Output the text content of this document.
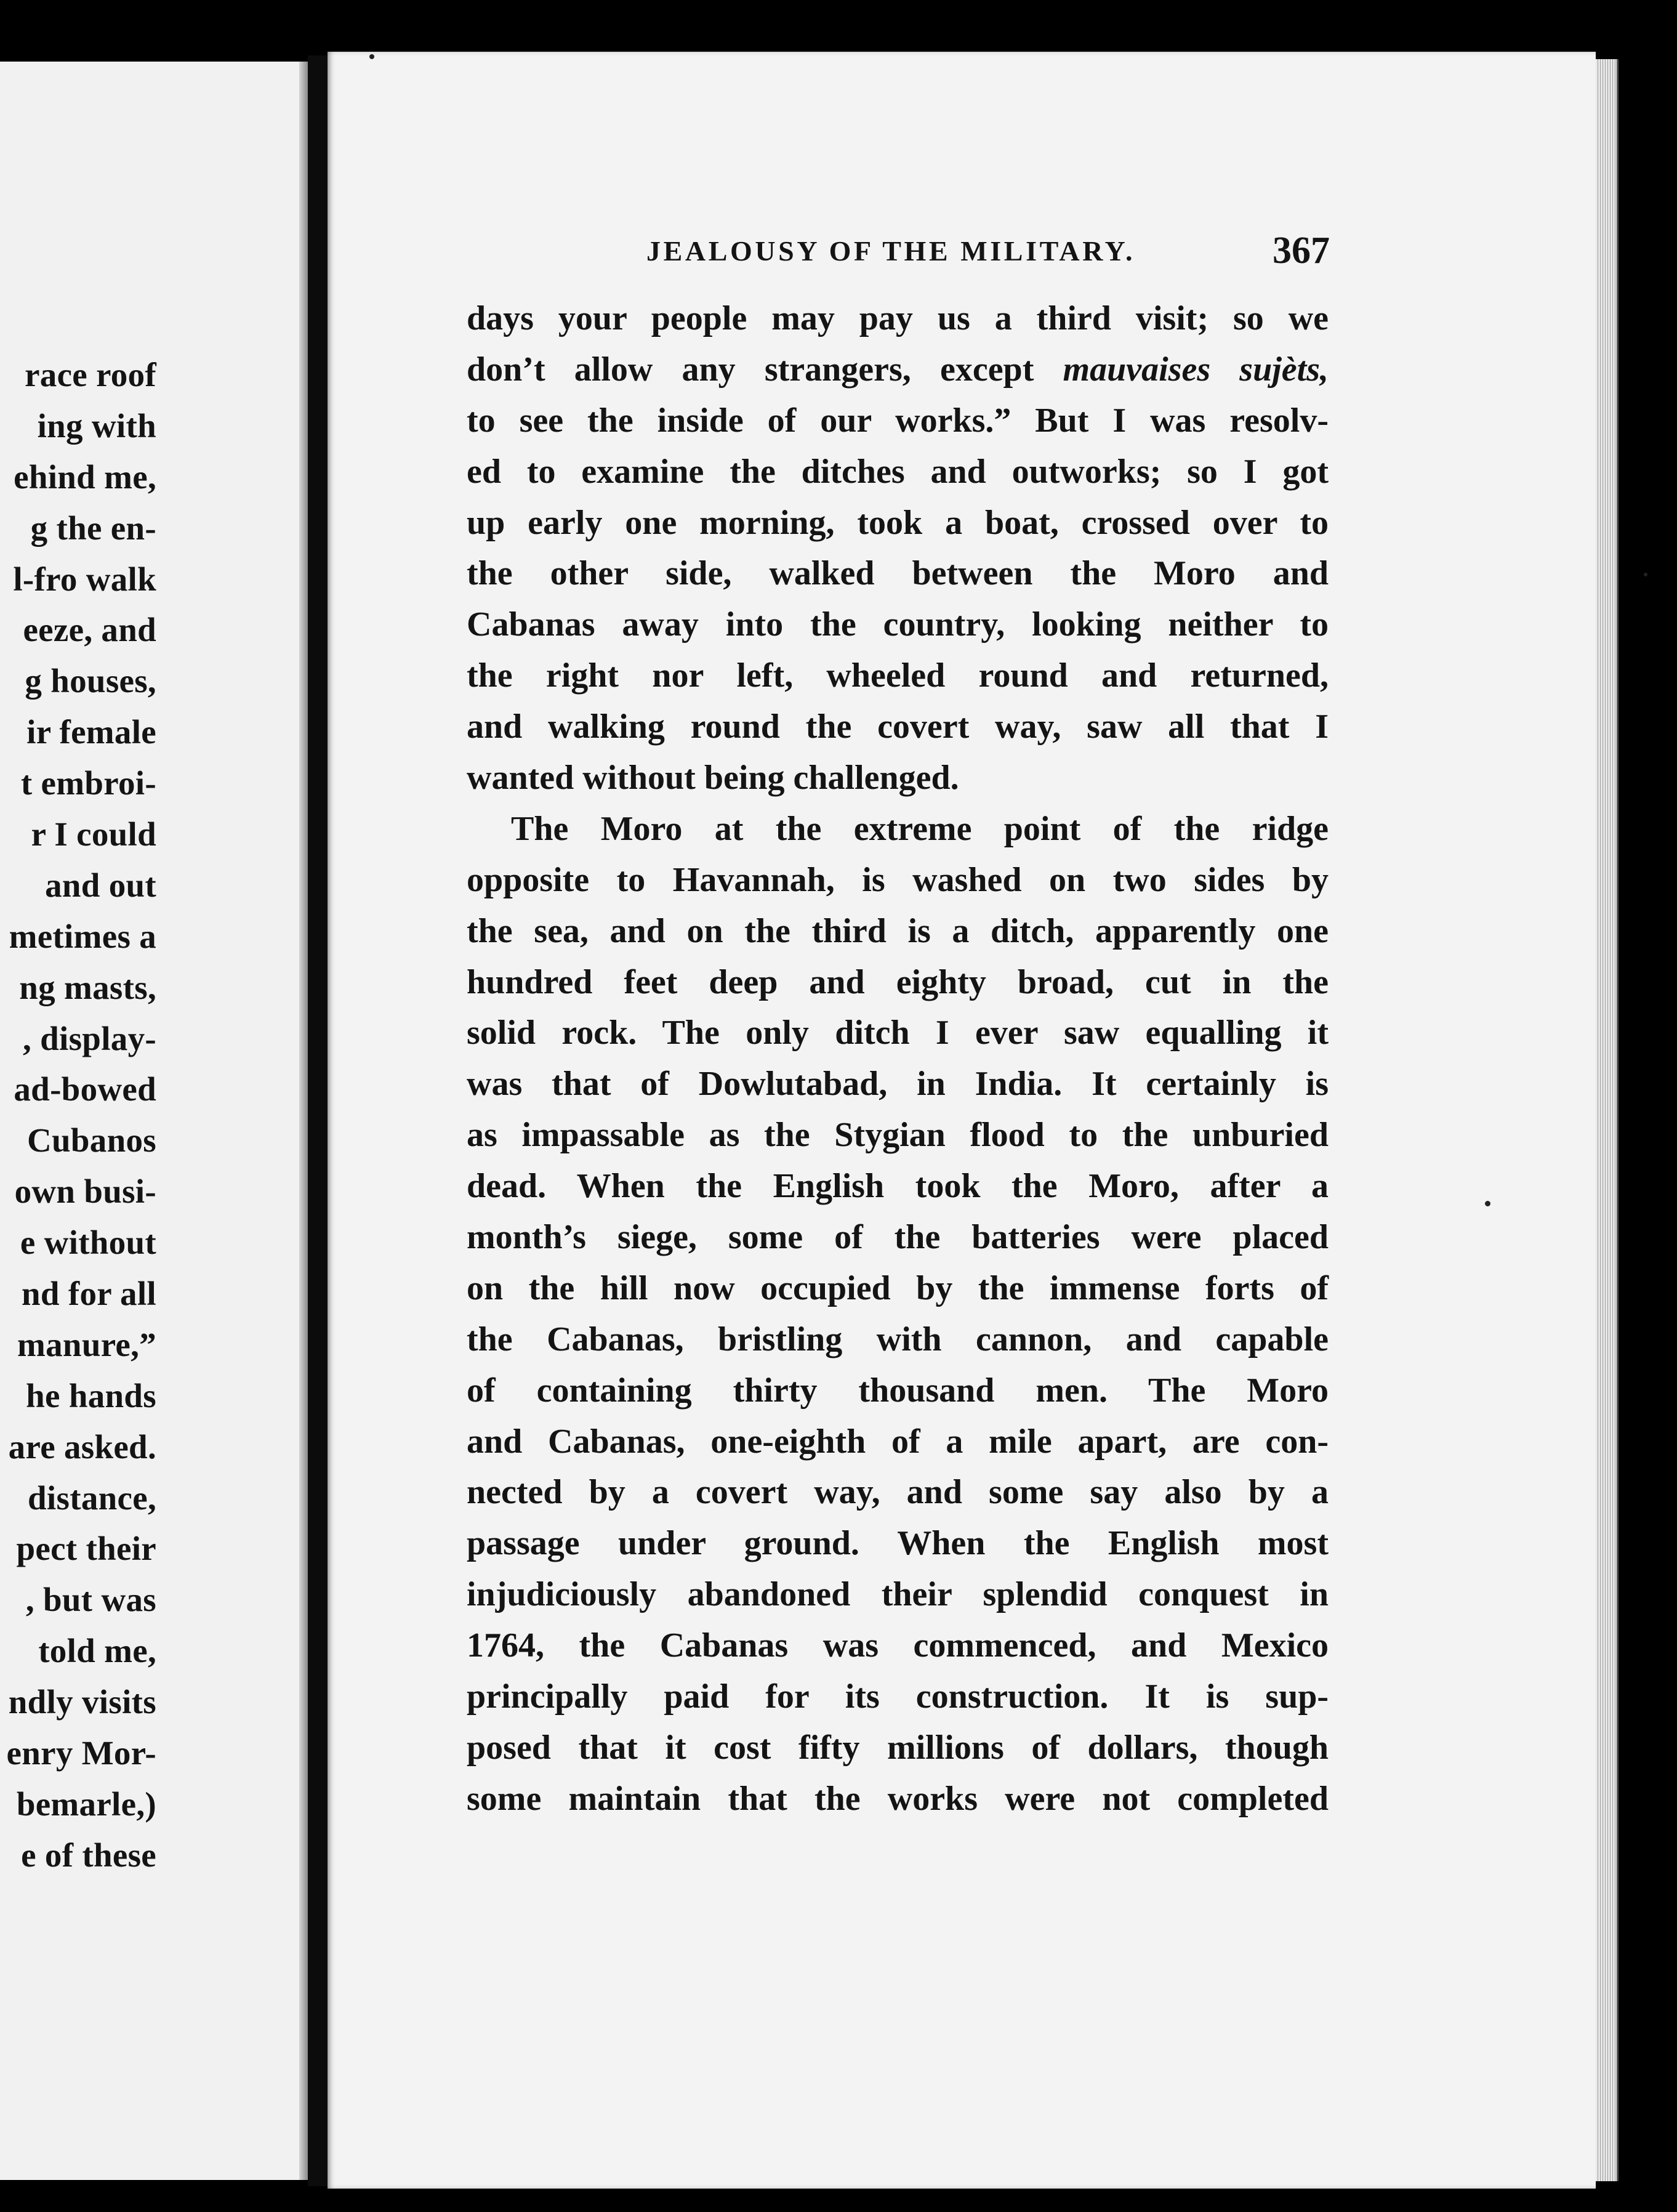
race roof
ing with
ehind me,
g the en-
l-fro walk
eeze, and
g houses,
ir female
t embroi-
r I could
and out
metimes a
ng masts,
, display-
ad-bowed
Cubanos
own busi-
e without
nd for all
manure,”
he hands
are asked.
distance,
pect their
, but was
told me,
ndly visits
enry Mor-
bemarle,)
e of these
JEALOUSY OF THE MILITARY.	367
days your people may pay us a third visit; so we
don’t allow any strangers, except mauvaises sujèts,
to see the inside of our works.” But I was resolv-
ed to examine the ditches and outworks; so I got
up early one morning, took a boat, crossed over to
the other side, walked between the Moro and
Cabanas away into the country, looking neither to
the right nor left, wheeled round and returned,
and walking round the covert way, saw all that I
wanted without being challenged.
The Moro at the extreme point of the ridge
opposite to Havannah, is washed on two sides by
the sea, and on the third is a ditch, apparently one
hundred feet deep and eighty broad, cut in the
solid rock. The only ditch I ever saw equalling it
was that of Dowlutabad, in India. It certainly is
as impassable as the Stygian flood to the unburied
dead. When the English took the Moro, after a
month’s siege, some of the batteries were placed
on the hill now occupied by the immense forts of
the Cabanas, bristling with cannon, and capable
of containing thirty thousand men. The Moro
and Cabanas, one-eighth of a mile apart, are con-
nected by a covert way, and some say also by a
passage under ground. When the English most
injudiciously abandoned their splendid conquest in
1764, the Cabanas was commenced, and Mexico
principally paid for its construction. It is sup-
posed that it cost fifty millions of dollars, though
some maintain that the works were not completed
